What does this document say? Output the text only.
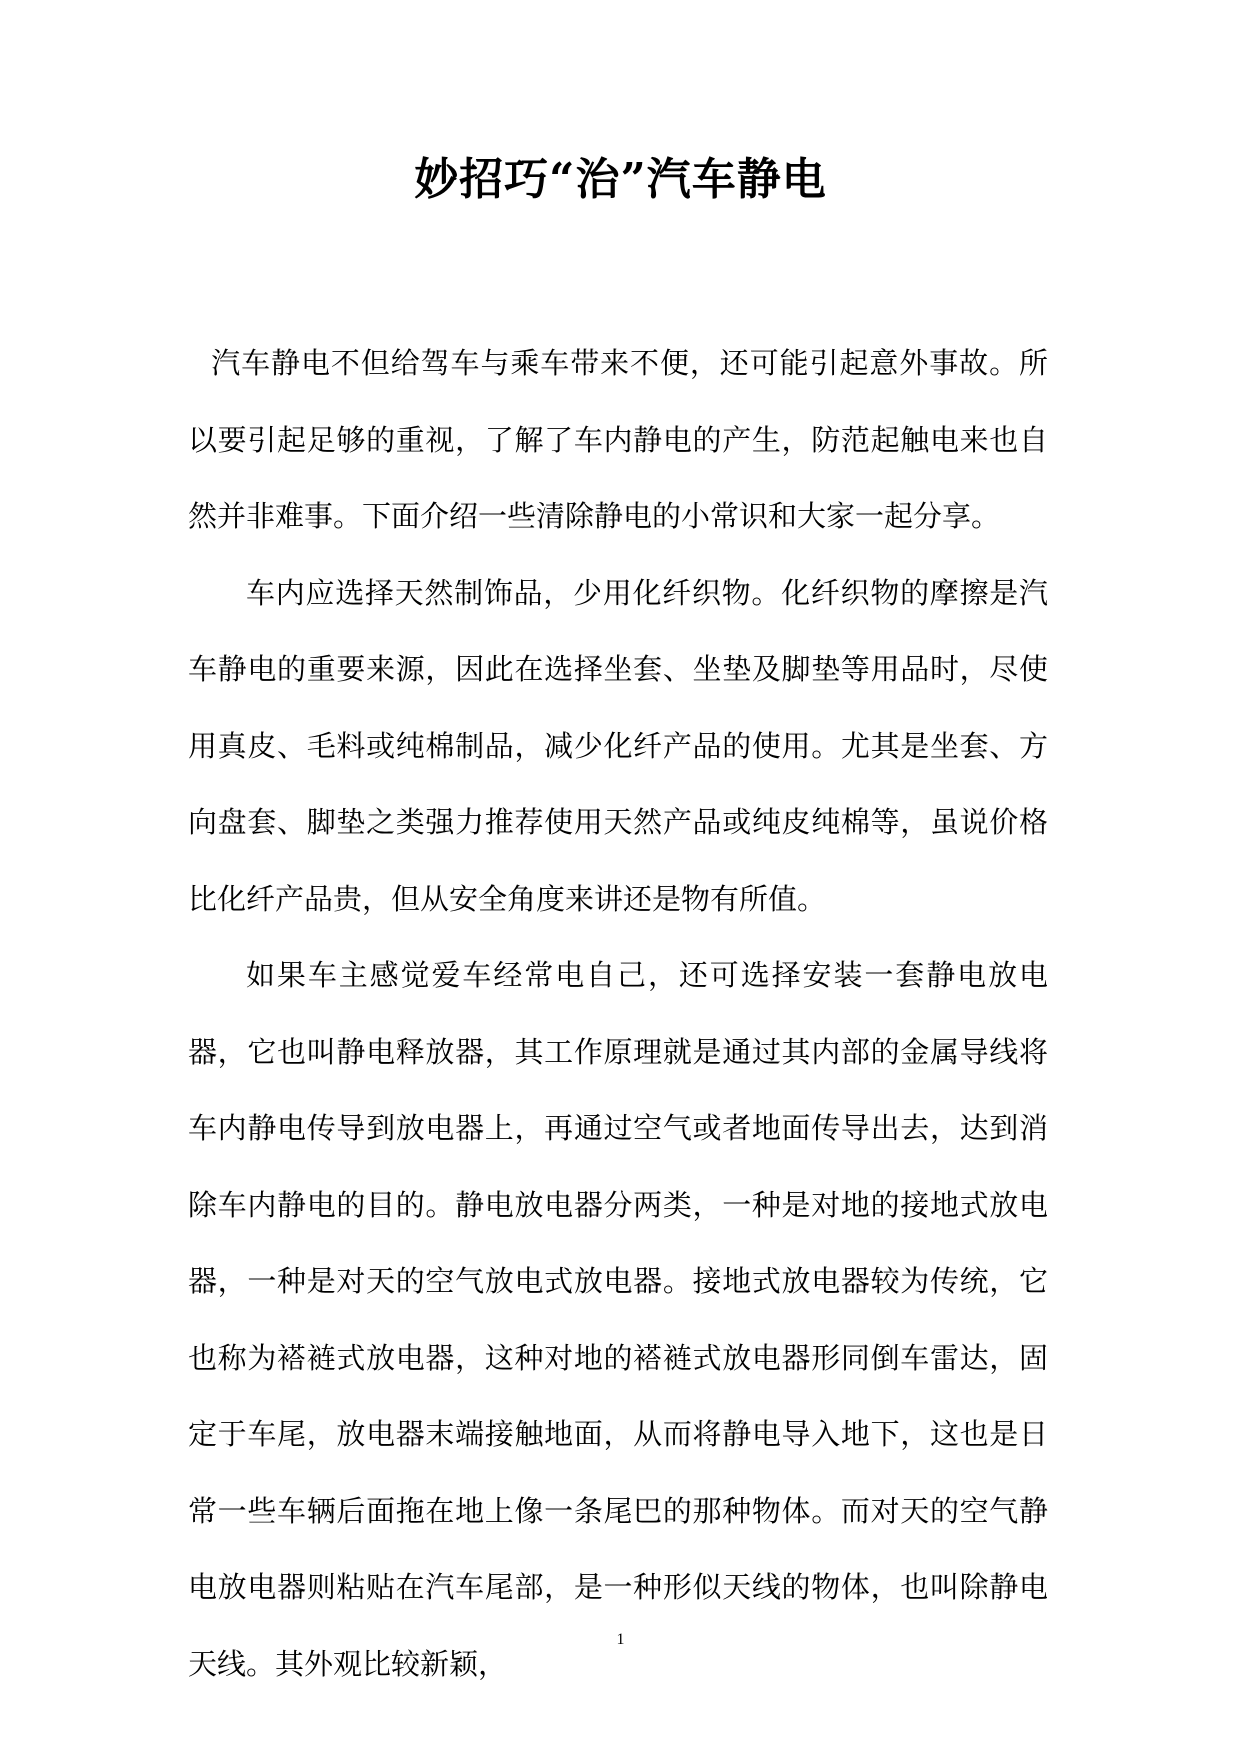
妙招巧“治”汽车静电

汽车静电不但给驾车与乘车带来不便，还可能引起意外事故。所以要引起足够的重视，了解了车内静电的产生，防范起触电来也自然并非难事。下面介绍一些清除静电的小常识和大家一起分享。

车内应选择天然制饰品，少用化纤织物。化纤织物的摩擦是汽车静电的重要来源，因此在选择坐套、坐垫及脚垫等用品时，尽使用真皮、毛料或纯棉制品，减少化纤产品的使用。尤其是坐套、方向盘套、脚垫之类强力推荐使用天然产品或纯皮纯棉等，虽说价格比化纤产品贵，但从安全角度来讲还是物有所值。

如果车主感觉爱车经常电自己，还可选择安装一套静电放电器，它也叫静电释放器，其工作原理就是通过其内部的金属导线将车内静电传导到放电器上，再通过空气或者地面传导出去，达到消除车内静电的目的。静电放电器分两类，一种是对地的接地式放电器，一种是对天的空气放电式放电器。接地式放电器较为传统，它也称为褡裢式放电器，这种对地的褡裢式放电器形同倒车雷达，固定于车尾，放电器末端接触地面，从而将静电导入地下，这也是日常一些车辆后面拖在地上像一条尾巴的那种物体。而对天的空气静电放电器则粘贴在汽车尾部，是一种形似天线的物体，也叫除静电天线。其外观比较新颖，

1
